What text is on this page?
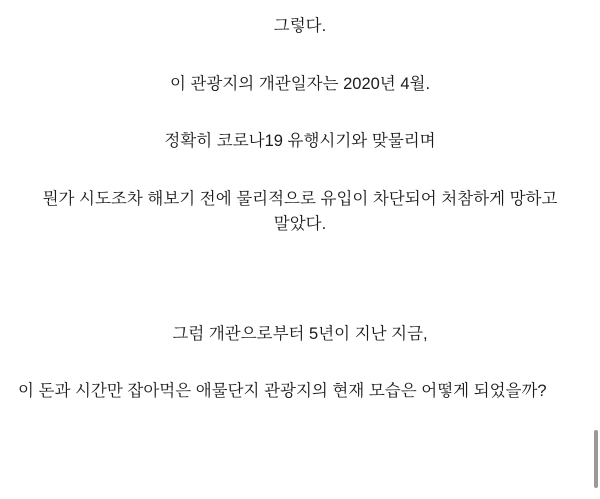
그렇다.

이 관광지의 개관일자는 2020년 4월.

정확히 코로나19 유행시기와 맞물리며

뭔가 시도조차 해보기 전에 물리적으로 유입이 차단되어 처참하게 망하고 말았다.

그럼 개관으로부터 5년이 지난 지금,

이 돈과 시간만 잡아먹은 애물단지 관광지의 현재 모습은 어떻게 되었을까?
